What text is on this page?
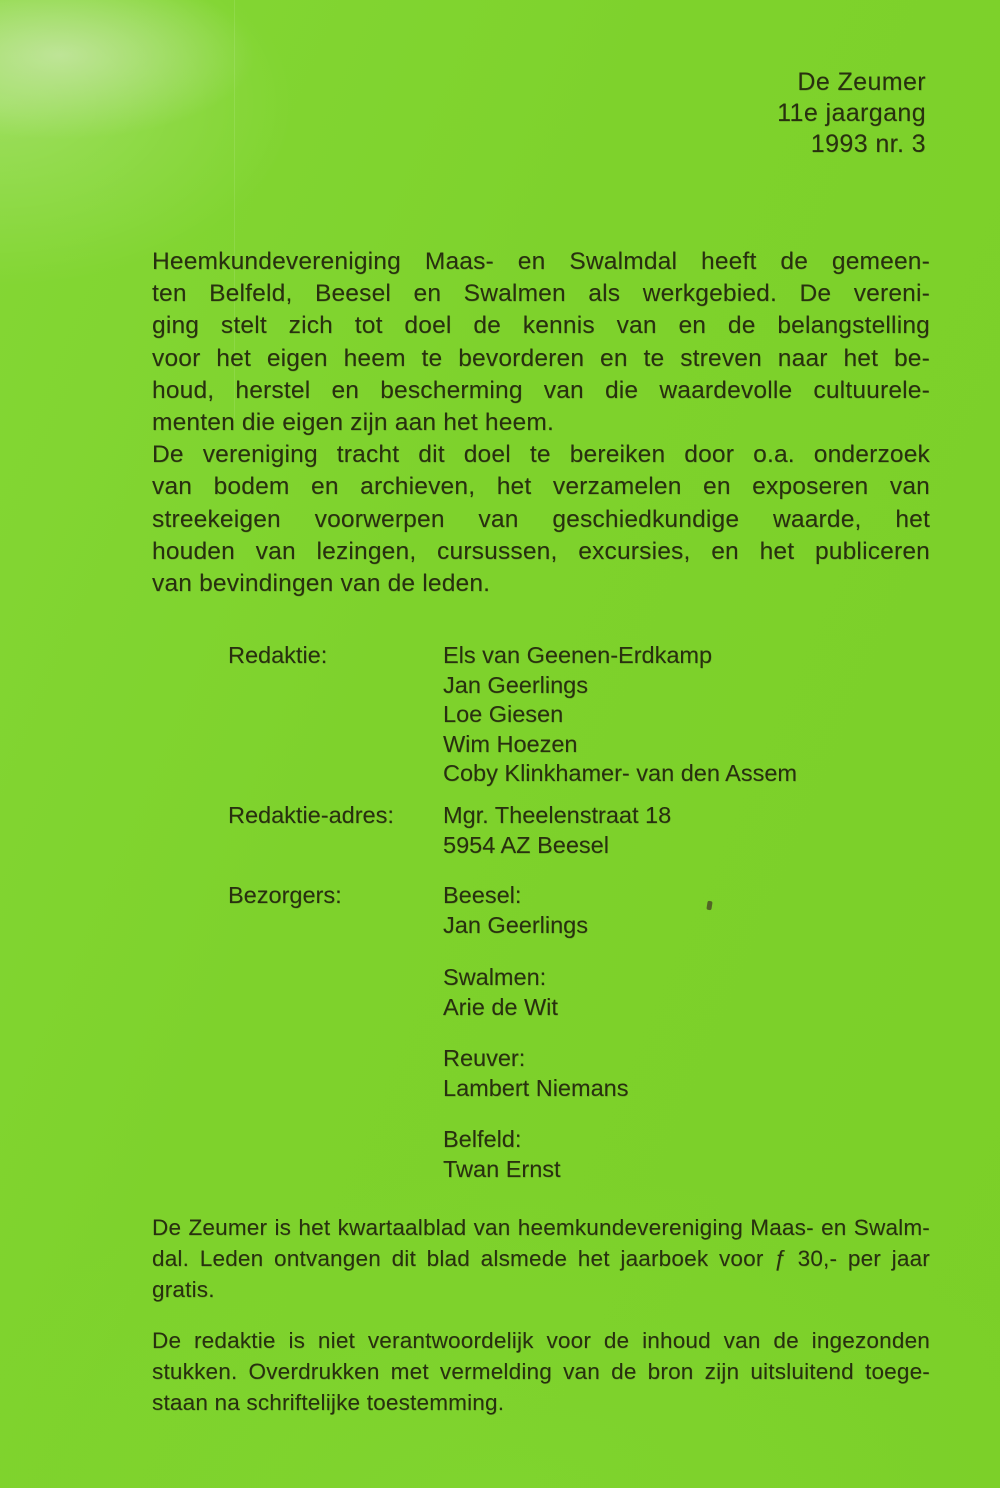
De Zeumer
11e jaargang
1993 nr. 3
Heemkundevereniging Maas- en Swalmdal heeft de gemeen-
ten Belfeld, Beesel en Swalmen als werkgebied. De vereni-
ging stelt zich tot doel de kennis van en de belangstelling
voor het eigen heem te bevorderen en te streven naar het be-
houd, herstel en bescherming van die waardevolle cultuurele-
menten die eigen zijn aan het heem.
De vereniging tracht dit doel te bereiken door o.a. onderzoek
van bodem en archieven, het verzamelen en exposeren van
streekeigen voorwerpen van geschiedkundige waarde, het
houden van lezingen, cursussen, excursies, en het publiceren
van bevindingen van de leden.
Redaktie:	Els van Geenen-Erdkamp
Jan Geerlings
Loe Giesen
Wim Hoezen
Coby Klinkhamer- van den Assem
Redaktie-adres: Mgr. Theelenstraat 18
5954 AZ Beesel
Bezorgers:	Beesel:
Jan Geerlings
Swalmen:
Arie de Wit
Reuver:
Lambert Niemans
Belfeld:
Twan Ernst
De Zeumer is het kwartaalblad van heemkundevereniging Maas- en Swalm-
dal. Leden ontvangen dit blad alsmede het jaarboek voor ƒ 30,- per jaar
gratis.
De redaktie is niet verantwoordelijk voor de inhoud van de ingezonden
stukken. Overdrukken met vermelding van de bron zijn uitsluitend toege-
staan na schriftelijke toestemming.
